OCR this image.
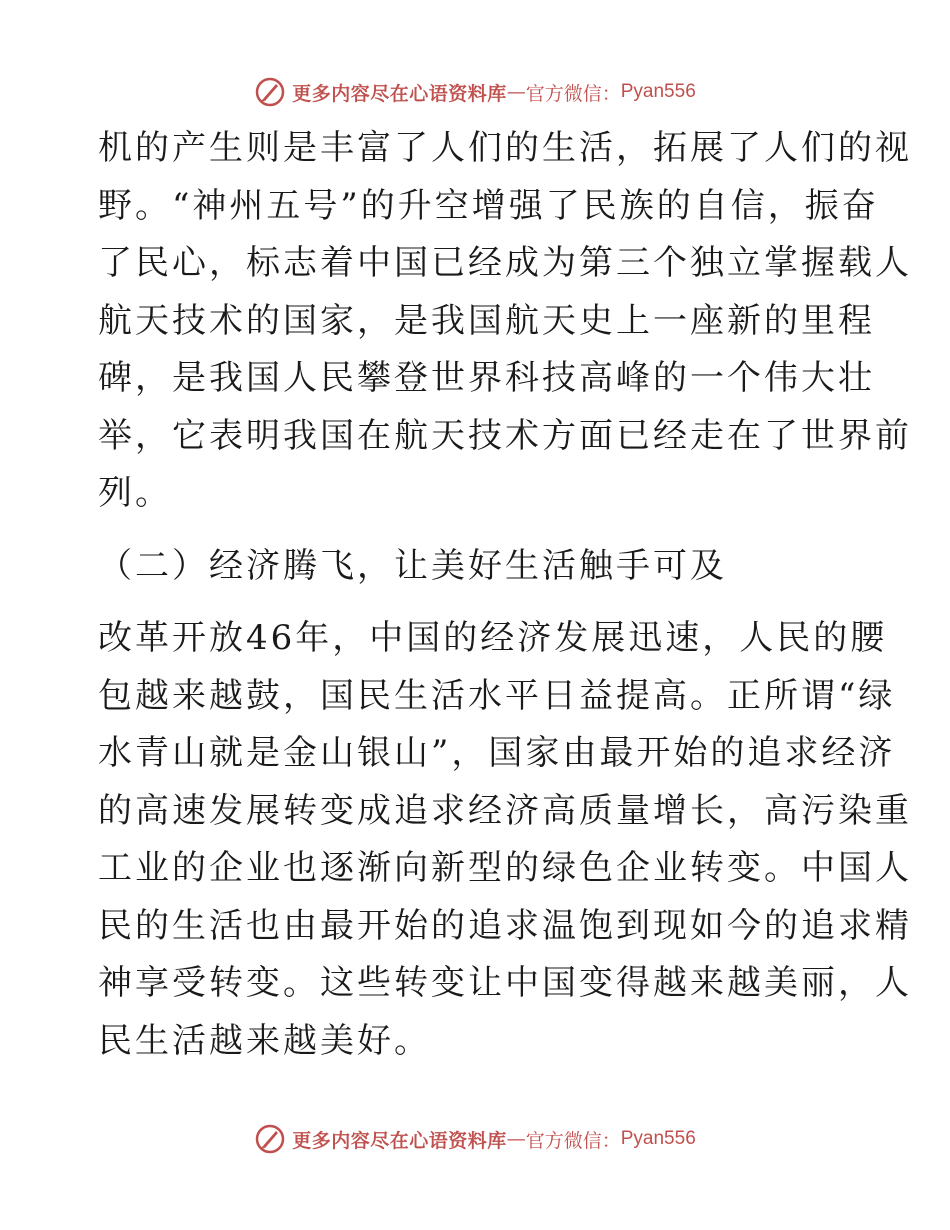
更多内容尽在心语资料库 — 官方微信： Pyan556
机的产生则是丰富了人们的生活，拓展了人们的视
野。“神州五号”的升空增强了民族的自信，振奋
了民心，标志着中国已经成为第三个独立掌握载人
航天技术的国家，是我国航天史上一座新的里程
碑，是我国人民攀登世界科技高峰的一个伟大壮
举，它表明我国在航天技术方面已经走在了世界前
列。
（二）经济腾飞，让美好生活触手可及
改革开放46年，中国的经济发展迅速，人民的腰
包越来越鼓，国民生活水平日益提高。正所谓“绿
水青山就是金山银山”，国家由最开始的追求经济
的高速发展转变成追求经济高质量增长，高污染重
工业的企业也逐渐向新型的绿色企业转变。中国人
民的生活也由最开始的追求温饱到现如今的追求精
神享受转变。这些转变让中国变得越来越美丽，人
民生活越来越美好。
更多内容尽在心语资料库 — 官方微信： Pyan556
